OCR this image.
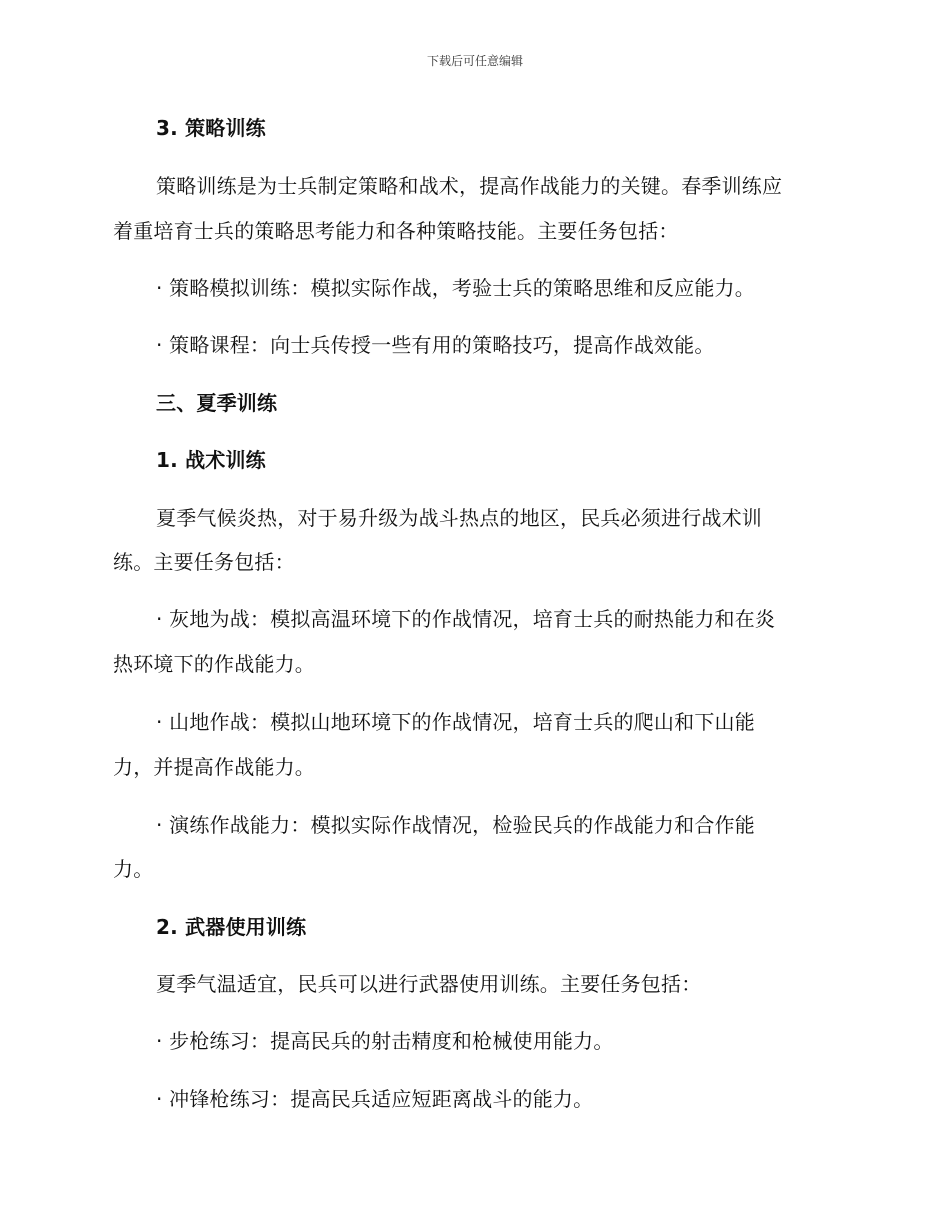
下载后可任意编辑
3. 策略训练
策略训练是为士兵制定策略和战术，提高作战能力的关键。春季训练应
着重培育士兵的策略思考能力和各种策略技能。主要任务包括：
· 策略模拟训练：模拟实际作战，考验士兵的策略思维和反应能力。
· 策略课程：向士兵传授一些有用的策略技巧，提高作战效能。
三、夏季训练
1. 战术训练
夏季气候炎热，对于易升级为战斗热点的地区，民兵必须进行战术训
练。主要任务包括：
· 灰地为战：模拟高温环境下的作战情况，培育士兵的耐热能力和在炎
热环境下的作战能力。
· 山地作战：模拟山地环境下的作战情况，培育士兵的爬山和下山能
力，并提高作战能力。
· 演练作战能力：模拟实际作战情况，检验民兵的作战能力和合作能
力。
2. 武器使用训练
夏季气温适宜，民兵可以进行武器使用训练。主要任务包括：
· 步枪练习：提高民兵的射击精度和枪械使用能力。
· 冲锋枪练习：提高民兵适应短距离战斗的能力。
